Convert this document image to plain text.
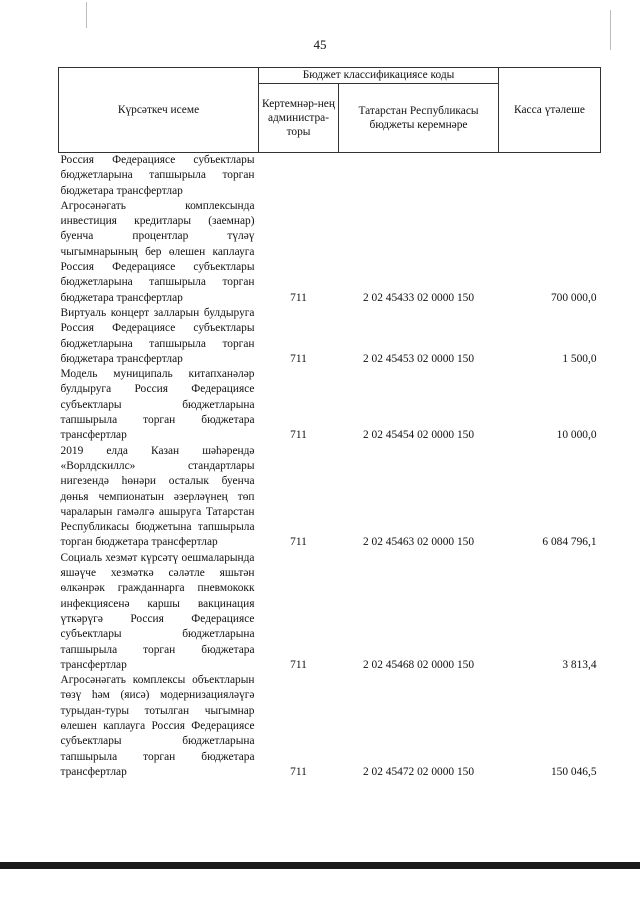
45
Күрсәткеч исеме	Бюджет классификациясе коды		Касса үтәлеше
	Кертемнәр-нең администра-торы	Татарстан Республикасы бюджеты керемнәре	
Россия Федерациясе субъектлары бюджетларына тапшырыла торган бюджетара трансфертлар			
Агросәнәгать комплексында инвестиция кредитлары (заемнар) буенча процентлар түләү чыгымнарының бер өлешен каплауга Россия Федерациясе субъектлары бюджетларына тапшырыла торган бюджетара трансфертлар	711	2 02 45433 02 0000 150	700 000,0
Виртуаль концерт залларын булдыруга Россия Федерациясе субъектлары бюджетларына тапшырыла торган бюджетара трансфертлар	711	2 02 45453 02 0000 150	1 500,0
Модель муниципаль китапханәләр булдыруга Россия Федерациясе субъектлары бюджетларына тапшырыла торган бюджетара трансфертлар	711	2 02 45454 02 0000 150	10 000,0
2019 елда Казан шәһәрендә «Ворлдскиллс» стандартлары нигезендә һөнәри осталык буенча дөнья чемпионатын әзерләүнең төп чараларын гамәлгә ашыруга Татарстан Республикасы бюджетына тапшырыла торган бюджетара трансфертлар	711	2 02 45463 02 0000 150	6 084 796,1
Социаль хезмәт күрсәтү оешмаларында яшәүче хезмәткә сәләтле яшьтән өлкәнрәк гражданнарга пневмококк инфекциясенә каршы вакцинация үткәрүгә Россия Федерациясе субъектлары бюджетларына тапшырыла торган бюджетара трансфертлар	711	2 02 45468 02 0000 150	3 813,4
Агросәнәгать комплексы объектларын төзү һәм (яисә) модернизацияләүгә турыдан-туры тотылган чыгымнар өлешен каплауга Россия Федерациясе субъектлары бюджетларына тапшырыла торган бюджетара трансфертлар	711	2 02 45472 02 0000 150	150 046,5
